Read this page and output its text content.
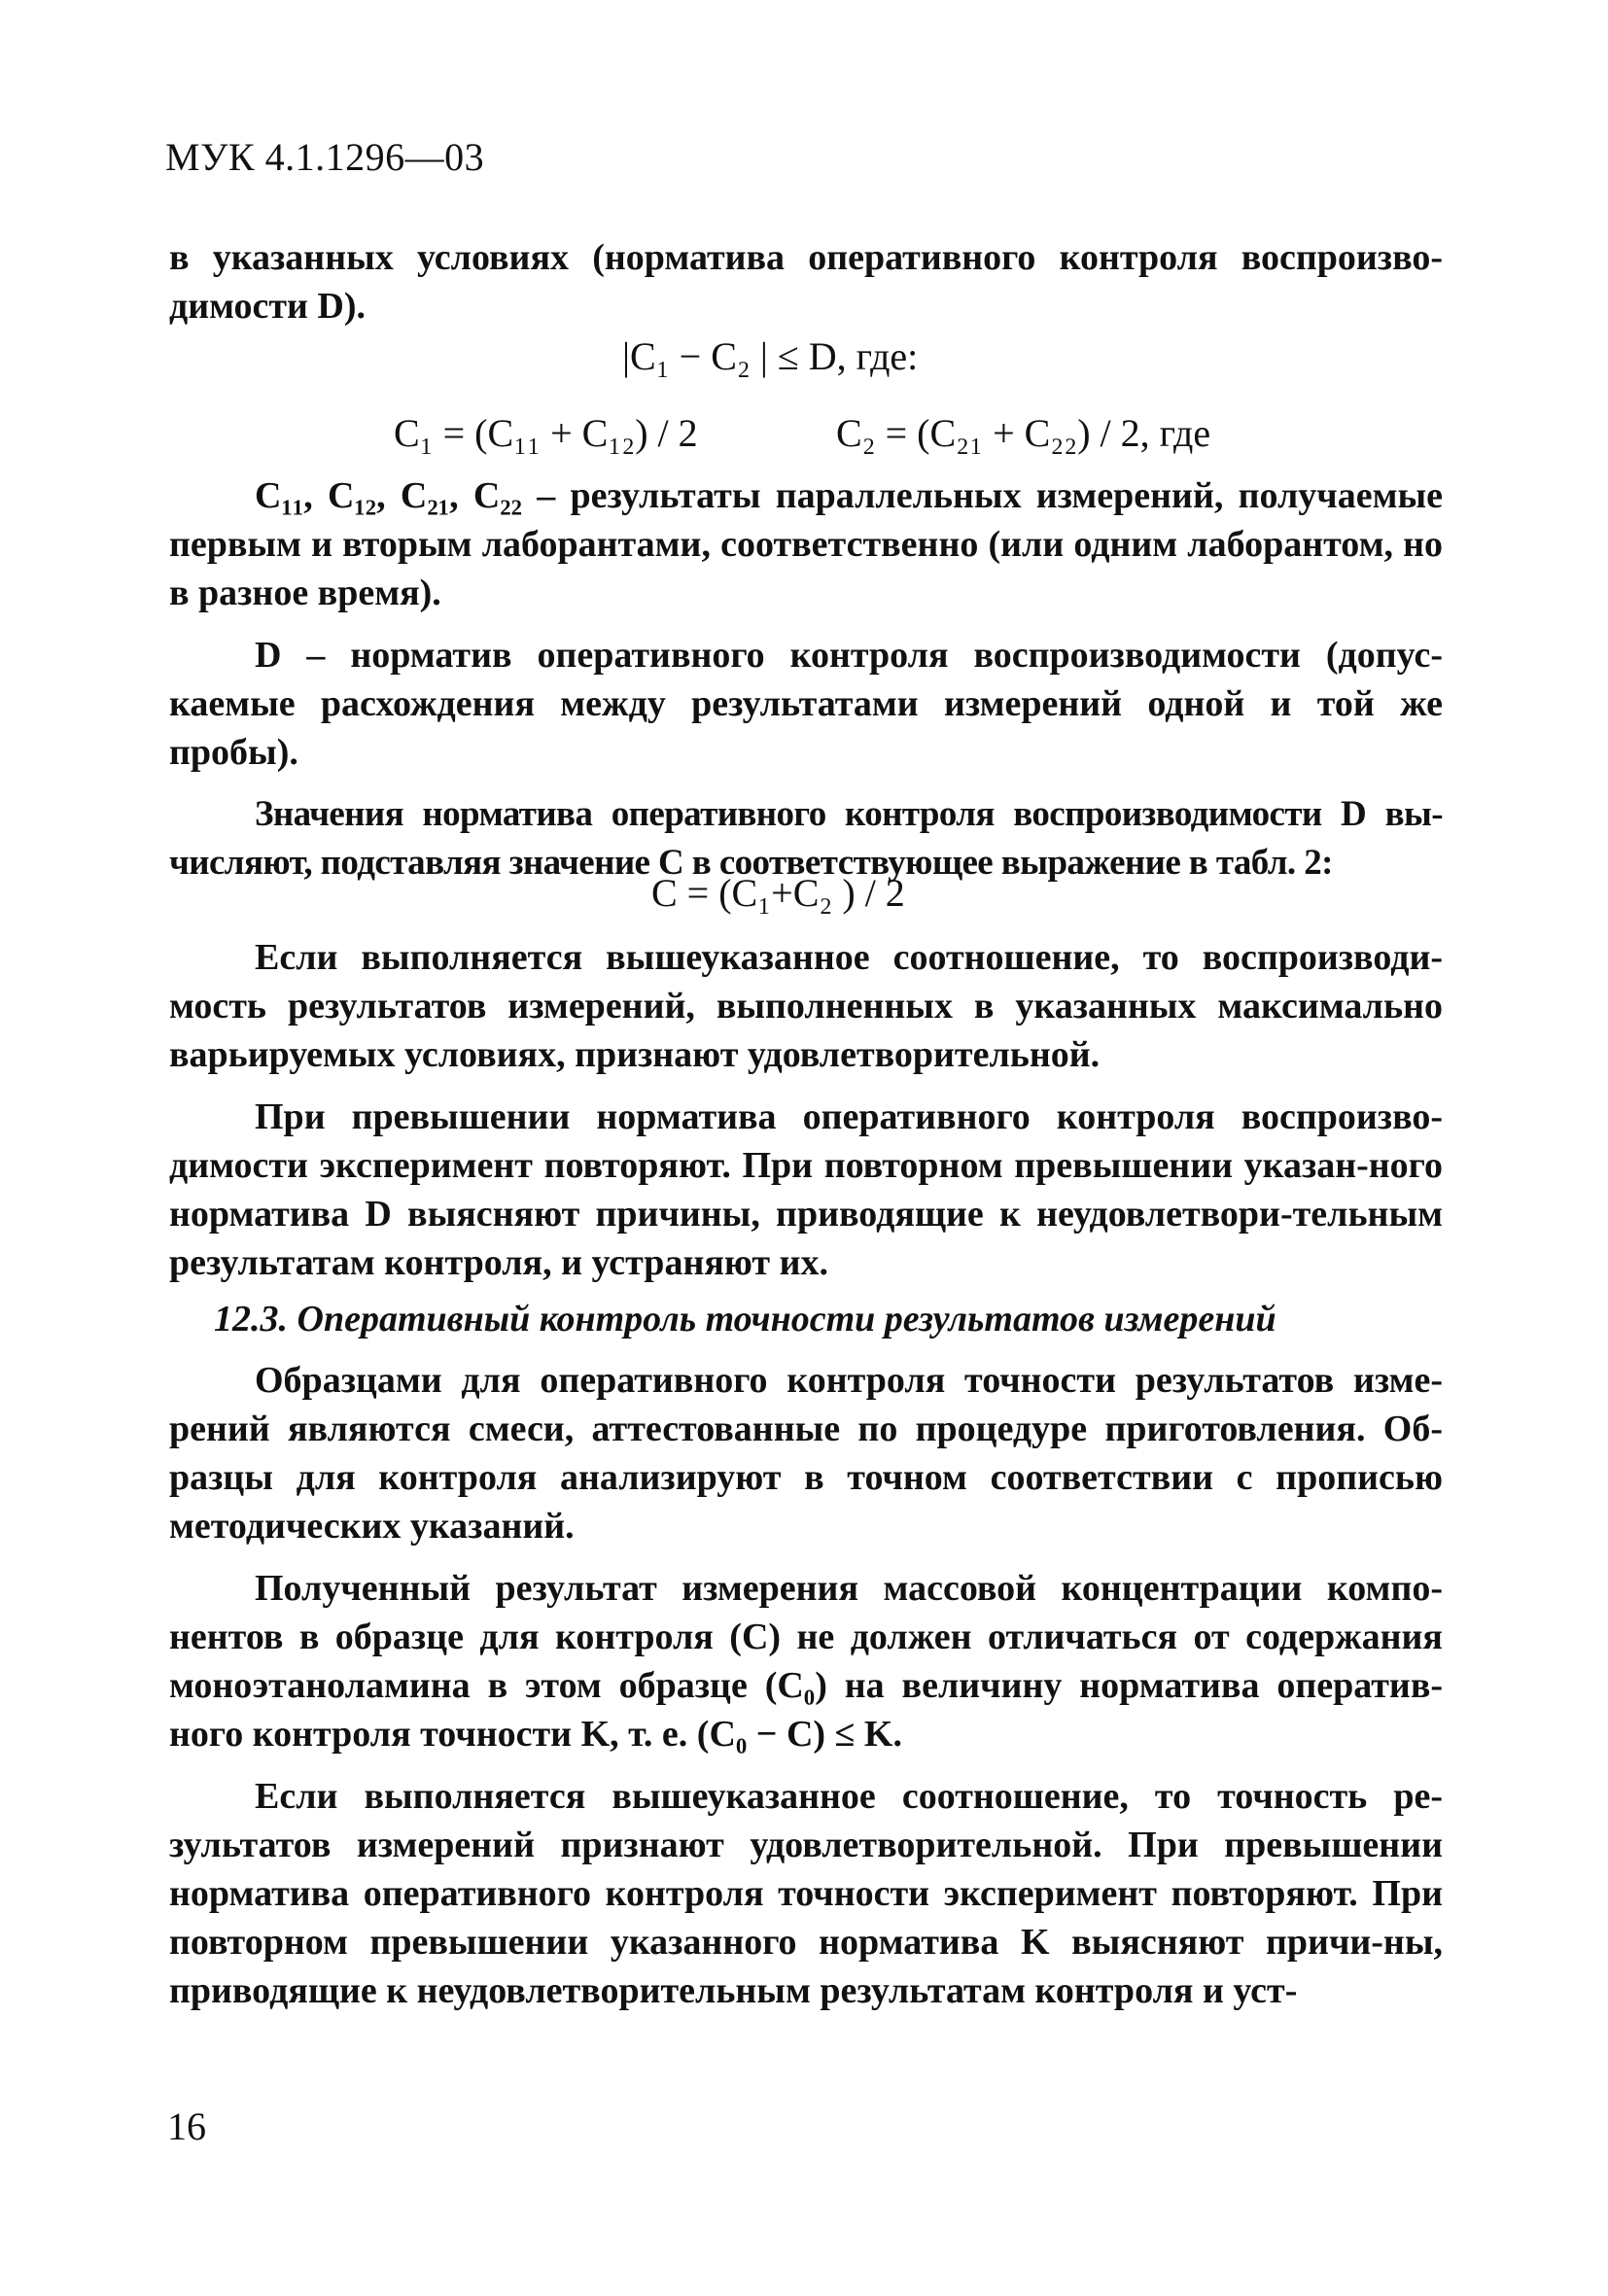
МУК 4.1.1296—03

в указанных условиях (норматива оперативного контроля воспроизво-димости D).

|C₁ − C₂ | ≤ D, где:
C₁ = (C₁₁ + C₁₂) / 2	C₂ = (C₂₁ + C₂₂) / 2, где

C₁₁, C₁₂, C₂₁, C₂₂ – результаты параллельных измерений, получаемые первым и вторым лаборантами, соответственно (или одним лаборантом, но в разное время).

D – норматив оперативного контроля воспроизводимости (допус-каемые расхождения между результатами измерений одной и той же пробы).

Значения норматива оперативного контроля воспроизводимости D вы-числяют, подставляя значение C в соответствующее выражение в табл. 2:

C = (C₁+C₂ ) / 2

Если выполняется вышеуказанное соотношение, то воспроизводи-мость результатов измерений, выполненных в указанных максимально варьируемых условиях, признают удовлетворительной.

При превышении норматива оперативного контроля воспроизво-димости эксперимент повторяют. При повторном превышении указан-ного норматива D выясняют причины, приводящие к неудовлетвори-тельным результатам контроля, и устраняют их.

12.3. Оперативный контроль точности результатов измерений

Образцами для оперативного контроля точности результатов изме-рений являются смеси, аттестованные по процедуре приготовления. Об-разцы для контроля анализируют в точном соответствии с прописью методических указаний.

Полученный результат измерения массовой концентрации компо-нентов в образце для контроля (C) не должен отличаться от содержания моноэтаноламина в этом образце (C₀) на величину норматива оператив-ного контроля точности K, т. е. (C₀ − C) ≤ K.

Если выполняется вышеуказанное соотношение, то точность ре-зультатов измерений признают удовлетворительной. При превышении норматива оперативного контроля точности эксперимент повторяют. При повторном превышении указанного норматива K выясняют причи-ны, приводящие к неудовлетворительным результатам контроля и уст-

16
